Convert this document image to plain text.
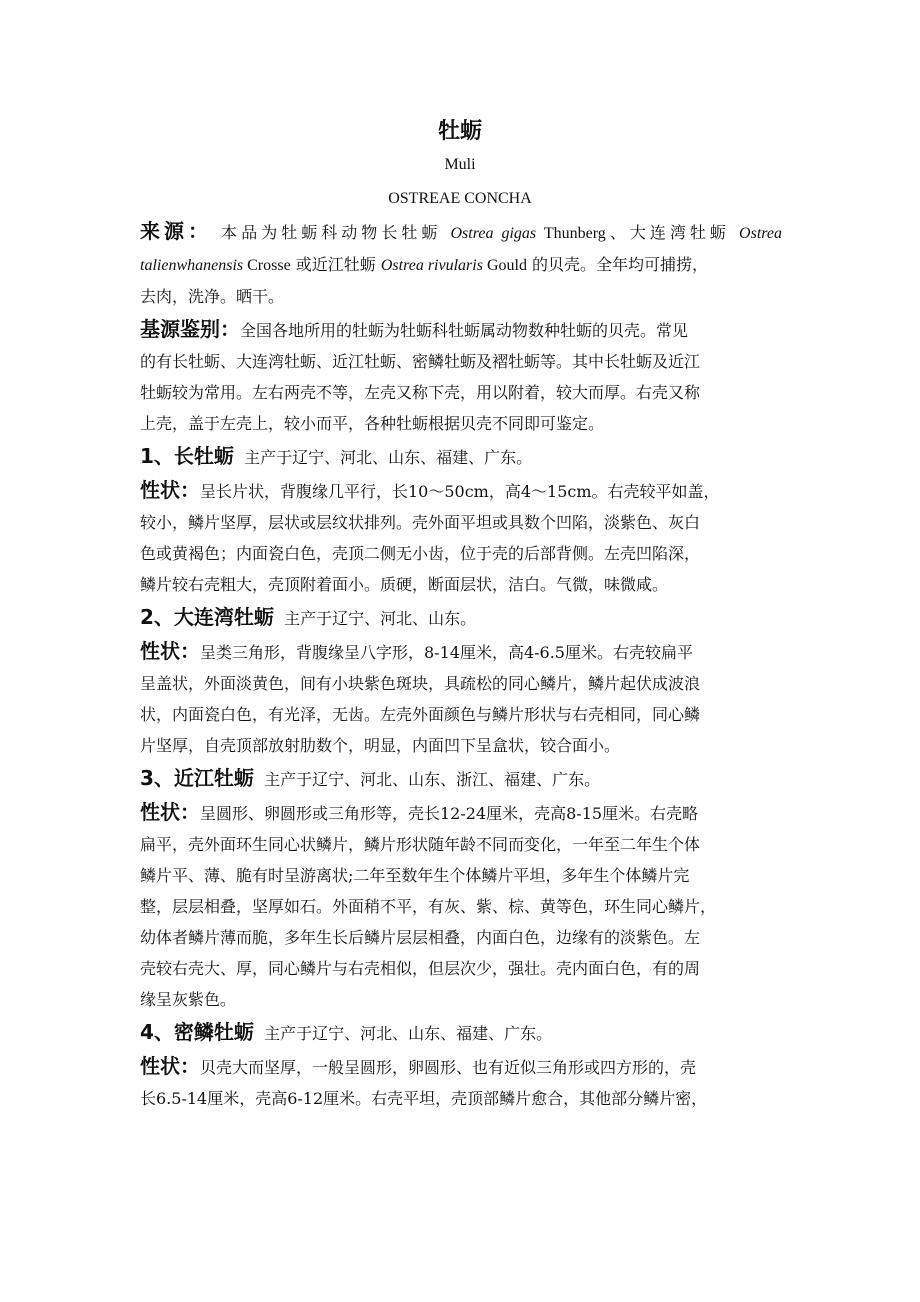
牡蛎
Muli
OSTREAE CONCHA
来源： 本品为牡蛎科动物长牡蛎 Ostrea gigas Thunberg、大连湾牡蛎 Ostrea talienwhanensis Crosse 或近江牡蛎 Ostrea rivularis Gould 的贝壳。全年均可捕捞，
去肉，洗净。晒干。
基源鉴别：全国各地所用的牡蛎为牡蛎科牡蛎属动物数种牡蛎的贝壳。常见
的有长牡蛎、大连湾牡蛎、近江牡蛎、密鳞牡蛎及褶牡蛎等。其中长牡蛎及近江
牡蛎较为常用。左右两壳不等，左壳又称下壳，用以附着，较大而厚。右壳又称
上壳，盖于左壳上，较小而平，各种牡蛎根据贝壳不同即可鉴定。
1、长牡蛎 主产于辽宁、河北、山东、福建、广东。
性状：呈长片状，背腹缘几平行，长10～50cm，高4～15cm。右壳较平如盖，
较小，鳞片坚厚，层状或层纹状排列。壳外面平坦或具数个凹陷，淡紫色、灰白
色或黄褐色；内面瓷白色，壳顶二侧无小齿，位于壳的后部背侧。左壳凹陷深，
鳞片较右壳粗大，壳顶附着面小。质硬，断面层状，洁白。气微，味微咸。
2、大连湾牡蛎 主产于辽宁、河北、山东。
性状：呈类三角形，背腹缘呈八字形，8-14厘米，高4-6.5厘米。右壳较扁平
呈盖状，外面淡黄色，间有小块紫色斑块，具疏松的同心鳞片，鳞片起伏成波浪
状，内面瓷白色，有光泽，无齿。左壳外面颜色与鳞片形状与右壳相同，同心鳞
片坚厚，自壳顶部放射肋数个，明显，内面凹下呈盒状，铰合面小。
3、近江牡蛎 主产于辽宁、河北、山东、浙江、福建、广东。
性状：呈圆形、卵圆形或三角形等，壳长12-24厘米，壳高8-15厘米。右壳略
扁平，壳外面环生同心状鳞片，鳞片形状随年龄不同而变化，一年至二年生个体
鳞片平、薄、脆有时呈游离状;二年至数年生个体鳞片平坦，多年生个体鳞片完
整，层层相叠，坚厚如石。外面稍不平，有灰、紫、棕、黄等色，环生同心鳞片，
幼体者鳞片薄而脆，多年生长后鳞片层层相叠，内面白色，边缘有的淡紫色。左
壳较右壳大、厚，同心鳞片与右壳相似，但层次少，强壮。壳内面白色，有的周
缘呈灰紫色。
4、密鳞牡蛎 主产于辽宁、河北、山东、福建、广东。
性状：贝壳大而坚厚，一般呈圆形，卵圆形、也有近似三角形或四方形的，壳
长6.5-14厘米，壳高6-12厘米。右壳平坦，壳顶部鳞片愈合，其他部分鳞片密，
